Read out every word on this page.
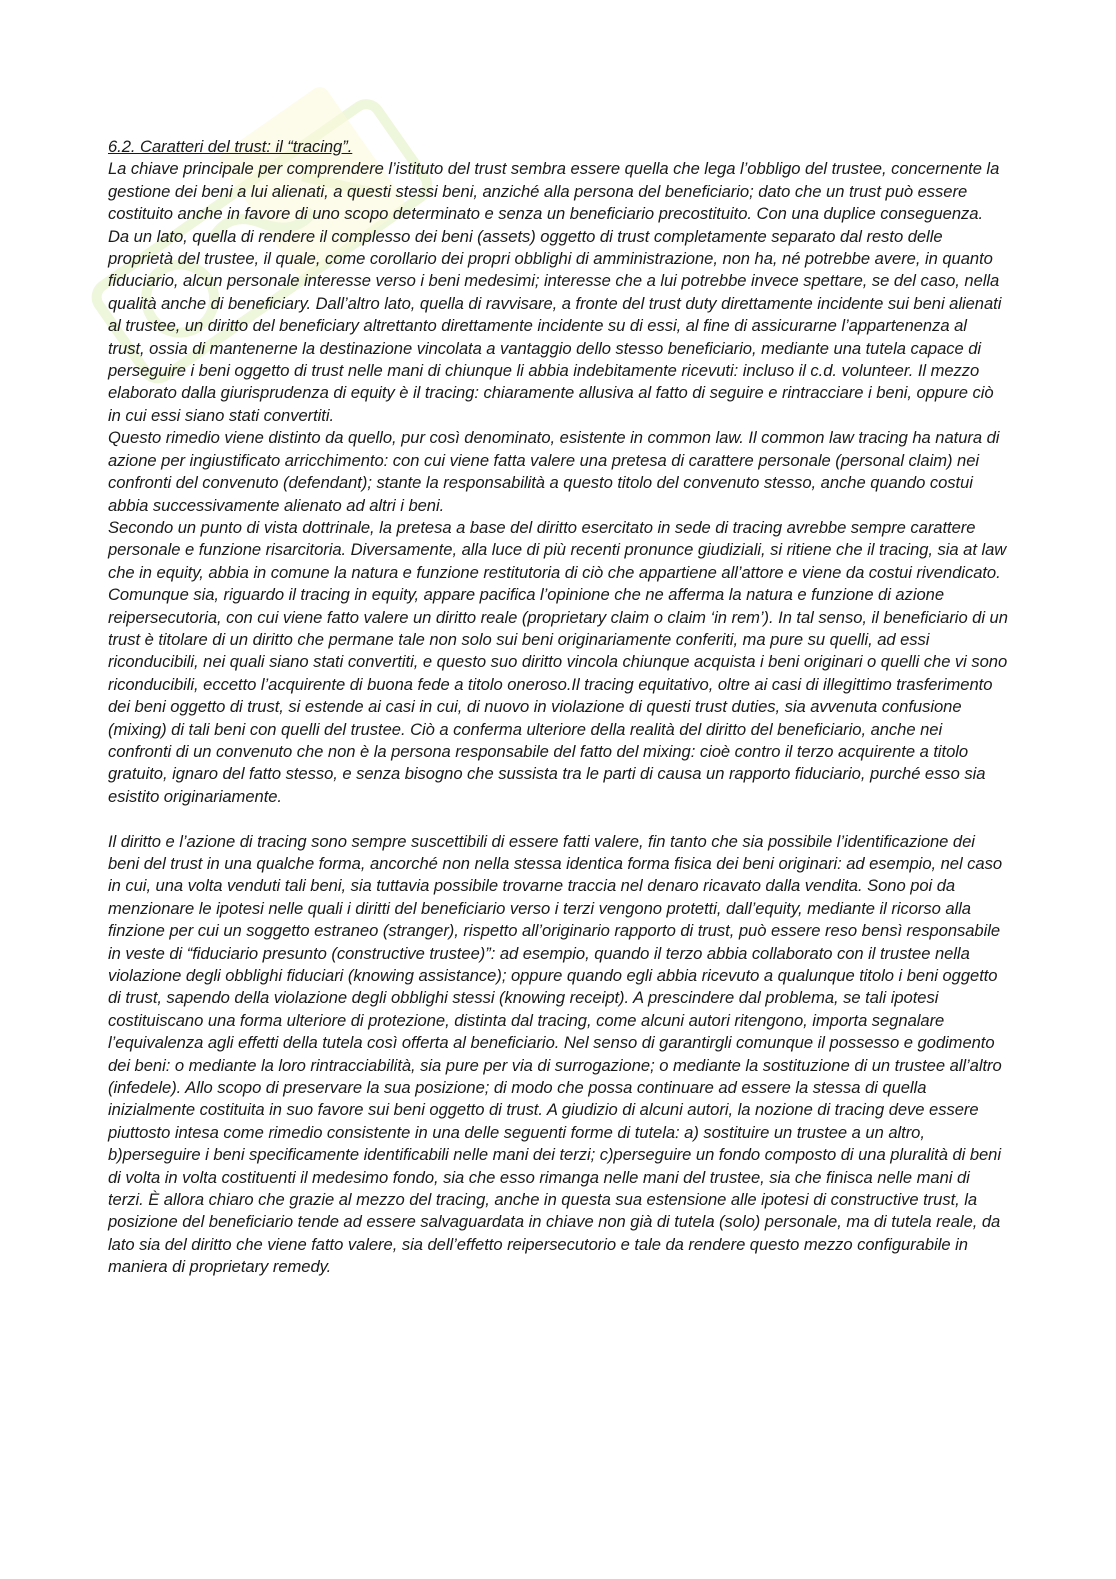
6.2. Caratteri del trust: il “tracing”.

La chiave principale per comprendere l’istituto del trust sembra essere quella che lega l’obbligo del trustee, concernente la gestione dei beni a lui alienati, a questi stessi beni, anziché alla persona del beneficiario; dato che un trust può essere costituito anche in favore di uno scopo determinato e senza un beneficiario precostituito. Con una duplice conseguenza. Da un lato, quella di rendere il complesso dei beni (assets) oggetto di trust completamente separato dal resto delle proprietà del trustee, il quale, come corollario dei propri obblighi di amministrazione, non ha, né potrebbe avere, in quanto fiduciario, alcun personale interesse verso i beni medesimi; interesse che a lui potrebbe invece spettare, se del caso, nella qualità anche di beneficiary. Dall’altro lato, quella di ravvisare, a fronte del trust duty direttamente incidente sui beni alienati al trustee, un diritto del beneficiary altrettanto direttamente incidente su di essi, al fine di assicurarne l’appartenenza al trust, ossia di mantenerne la destinazione vincolata a vantaggio dello stesso beneficiario, mediante una tutela capace di perseguire i beni oggetto di trust nelle mani di chiunque li abbia indebitamente ricevuti: incluso il c.d. volunteer. Il mezzo elaborato dalla giurisprudenza di equity è il tracing: chiaramente allusiva al fatto di seguire e rintracciare i beni, oppure ciò in cui essi siano stati convertiti.

Questo rimedio viene distinto da quello, pur così denominato, esistente in common law. Il common law tracing ha natura di azione per ingiustificato arricchimento: con cui viene fatta valere una pretesa di carattere personale (personal claim) nei confronti del convenuto (defendant); stante la responsabilità a questo titolo del convenuto stesso, anche quando costui abbia successivamente alienato ad altri i beni.

Secondo un punto di vista dottrinale, la pretesa a base del diritto esercitato in sede di tracing avrebbe sempre carattere personale e funzione risarcitoria. Diversamente, alla luce di più recenti pronunce giudiziali, si ritiene che il tracing, sia at law che in equity, abbia in comune la natura e funzione restitutoria di ciò che appartiene all’attore e viene da costui rivendicato. Comunque sia, riguardo il tracing in equity, appare pacifica l’opinione che ne afferma la natura e funzione di azione reipersecutoria, con cui viene fatto valere un diritto reale (proprietary claim o claim ‘in rem’). In tal senso, il beneficiario di un trust è titolare di un diritto che permane tale non solo sui beni originariamente conferiti, ma pure su quelli, ad essi riconducibili, nei quali siano stati convertiti, e questo suo diritto vincola chiunque acquista i beni originari o quelli che vi sono riconducibili, eccetto l’acquirente di buona fede a titolo oneroso.Il tracing equitativo, oltre ai casi di illegittimo trasferimento dei beni oggetto di trust, si estende ai casi in cui, di nuovo in violazione di questi trust duties, sia avvenuta confusione (mixing) di tali beni con quelli del trustee. Ciò a conferma ulteriore della realità del diritto del beneficiario, anche nei confronti di un convenuto che non è la persona responsabile del fatto del mixing: cioè contro il terzo acquirente a titolo gratuito, ignaro del fatto stesso, e senza bisogno che sussista tra le parti di causa un rapporto fiduciario, purché esso sia esistito originariamente.

Il diritto e l’azione di tracing sono sempre suscettibili di essere fatti valere, fin tanto che sia possibile l’identificazione dei beni del trust in una qualche forma, ancorché non nella stessa identica forma fisica dei beni originari: ad esempio, nel caso in cui, una volta venduti tali beni, sia tuttavia possibile trovarne traccia nel denaro ricavato dalla vendita. Sono poi da menzionare le ipotesi nelle quali i diritti del beneficiario verso i terzi vengono protetti, dall’equity, mediante il ricorso alla finzione per cui un soggetto estraneo (stranger), rispetto all’originario rapporto di trust, può essere reso bensì responsabile in veste di “fiduciario presunto (constructive trustee)”: ad esempio, quando il terzo abbia collaborato con il trustee nella violazione degli obblighi fiduciari (knowing assistance); oppure quando egli abbia ricevuto a qualunque titolo i beni oggetto di trust, sapendo della violazione degli obblighi stessi (knowing receipt). A prescindere dal problema, se tali ipotesi costituiscano una forma ulteriore di protezione, distinta dal tracing, come alcuni autori ritengono, importa segnalare l’equivalenza agli effetti della tutela così offerta al beneficiario. Nel senso di garantirgli comunque il possesso e godimento dei beni: o mediante la loro rintracciabilità, sia pure per via di surrogazione; o mediante la sostituzione di un trustee all’altro (infedele). Allo scopo di preservare la sua posizione; di modo che possa continuare ad essere la stessa di quella inizialmente costituita in suo favore sui beni oggetto di trust. A giudizio di alcuni autori, la nozione di tracing deve essere piuttosto intesa come rimedio consistente in una delle seguenti forme di tutela: a) sostituire un trustee a un altro, b)perseguire i beni specificamente identificabili nelle mani dei terzi; c)perseguire un fondo composto di una pluralità di beni di volta in volta costituenti il medesimo fondo, sia che esso rimanga nelle mani del trustee, sia che finisca nelle mani di terzi. È allora chiaro che grazie al mezzo del tracing, anche in questa sua estensione alle ipotesi di constructive trust, la posizione del beneficiario tende ad essere salvaguardata in chiave non già di tutela (solo) personale, ma di tutela reale, da lato sia del diritto che viene fatto valere, sia dell’effetto reipersecutorio e tale da rendere questo mezzo configurabile in maniera di proprietary remedy.
